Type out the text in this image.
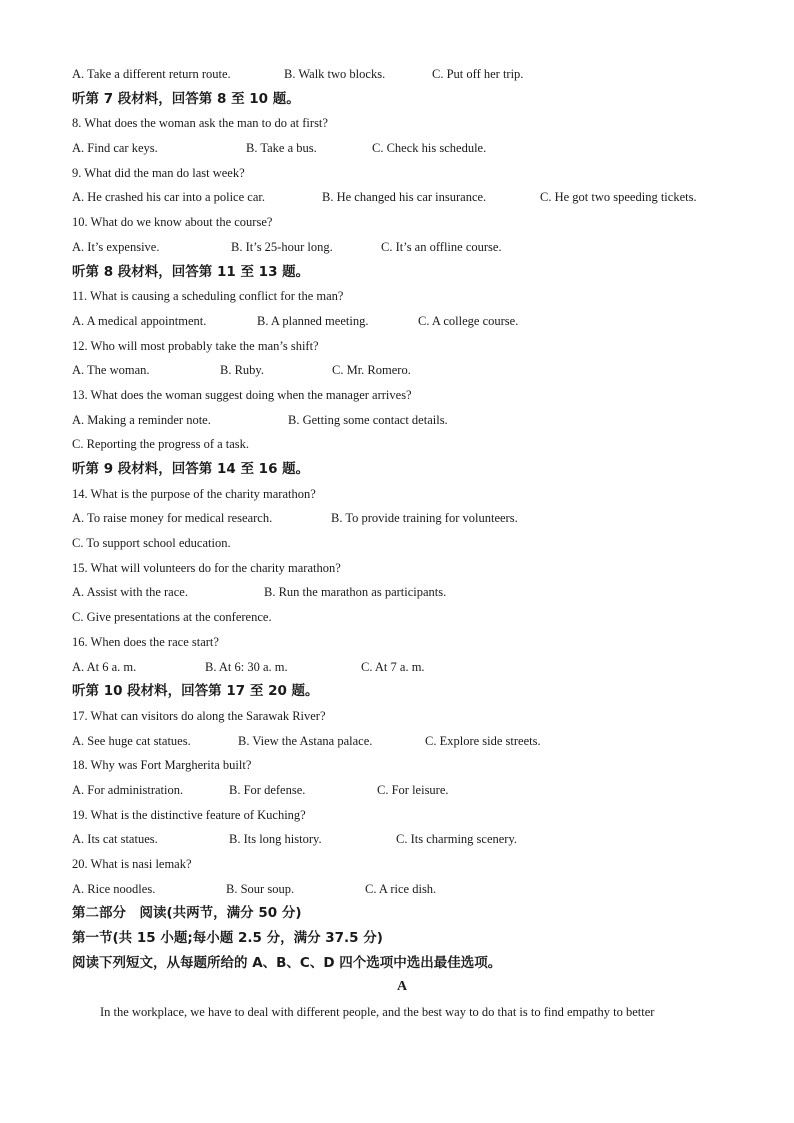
A. Take a different return route.	B. Walk two blocks.	C. Put off her trip.
听第 7 段材料，回答第 8 至 10 题。
8. What does the woman ask the man to do at first?
A. Find car keys.	B. Take a bus.	C. Check his schedule.
9. What did the man do last week?
A. He crashed his car into a police car.	B. He changed his car insurance.	C. He got two speeding tickets.
10. What do we know about the course?
A. It’s expensive.	B. It’s 25-hour long.	C. It’s an offline course.
听第 8 段材料，回答第 11 至 13 题。
11. What is causing a scheduling conflict for the man?
A. A medical appointment.	B. A planned meeting.	C. A college course.
12. Who will most probably take the man’s shift?
A. The woman.	B. Ruby.	C. Mr. Romero.
13. What does the woman suggest doing when the manager arrives?
A. Making a reminder note.	B. Getting some contact details.
C. Reporting the progress of a task.
听第 9 段材料，回答第 14 至 16 题。
14. What is the purpose of the charity marathon?
A. To raise money for medical research.	B. To provide training for volunteers.
C. To support school education.
15. What will volunteers do for the charity marathon?
A. Assist with the race.	B. Run the marathon as participants.
C. Give presentations at the conference.
16. When does the race start?
A. At 6 a. m.	B. At 6: 30 a. m.	C. At 7 a. m.
听第 10 段材料，回答第 17 至 20 题。
17. What can visitors do along the Sarawak River?
A. See huge cat statues.	B. View the Astana palace.	C. Explore side streets.
18. Why was Fort Margherita built?
A. For administration.	B. For defense.	C. For leisure.
19. What is the distinctive feature of Kuching?
A. Its cat statues.	B. Its long history.	C. Its charming scenery.
20. What is nasi lemak?
A. Rice noodles.	B. Sour soup.	C. A rice dish.
第二部分　阅读(共两节，满分 50 分)
第一节(共 15 小题;每小题 2.5 分，满分 37.5 分)
阅读下列短文，从每题所给的 A、B、C、D 四个选项中选出最佳选项。
A
In the workplace, we have to deal with different people, and the best way to do that is to find empathy to better
